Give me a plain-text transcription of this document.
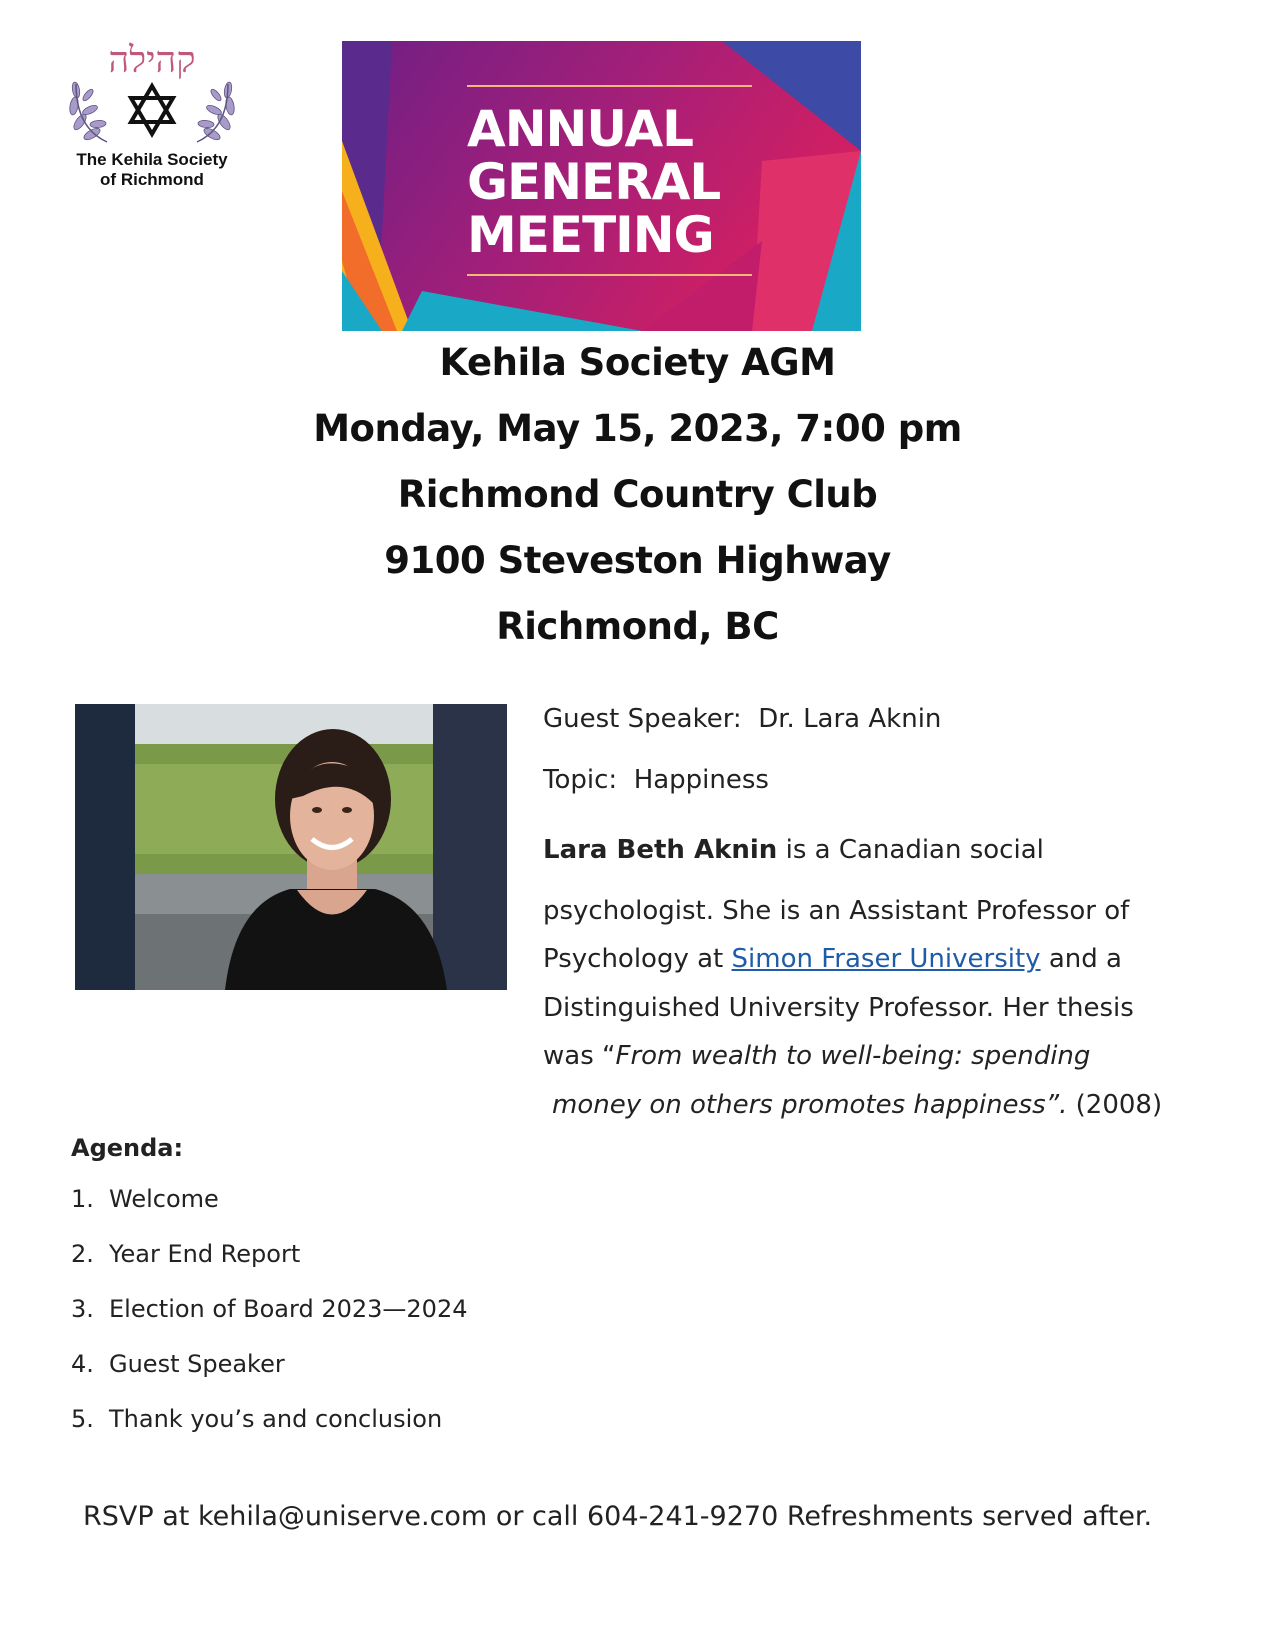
קהילה
The Kehila Society
of Richmond
ANNUAL
GENERAL
MEETING
Kehila Society AGM
Monday, May 15, 2023, 7:00 pm
Richmond Country Club
9100 Steveston Highway
Richmond, BC
Guest Speaker: Dr. Lara Aknin
Topic: Happiness

Lara Beth Aknin is a Canadian social

psychologist. She is an Assistant Professor of

Psychology at Simon Fraser University and a

Distinguished University Professor. Her thesis

was “From wealth to well-being: spending

money on others promotes happiness”. (2008)

Agenda:
1. Welcome
2. Year End Report
3. Election of Board 2023—2024
4. Guest Speaker
5. Thank you’s and conclusion
RSVP at kehila@uniserve.com or call 604-241-9270 Refreshments served after.
